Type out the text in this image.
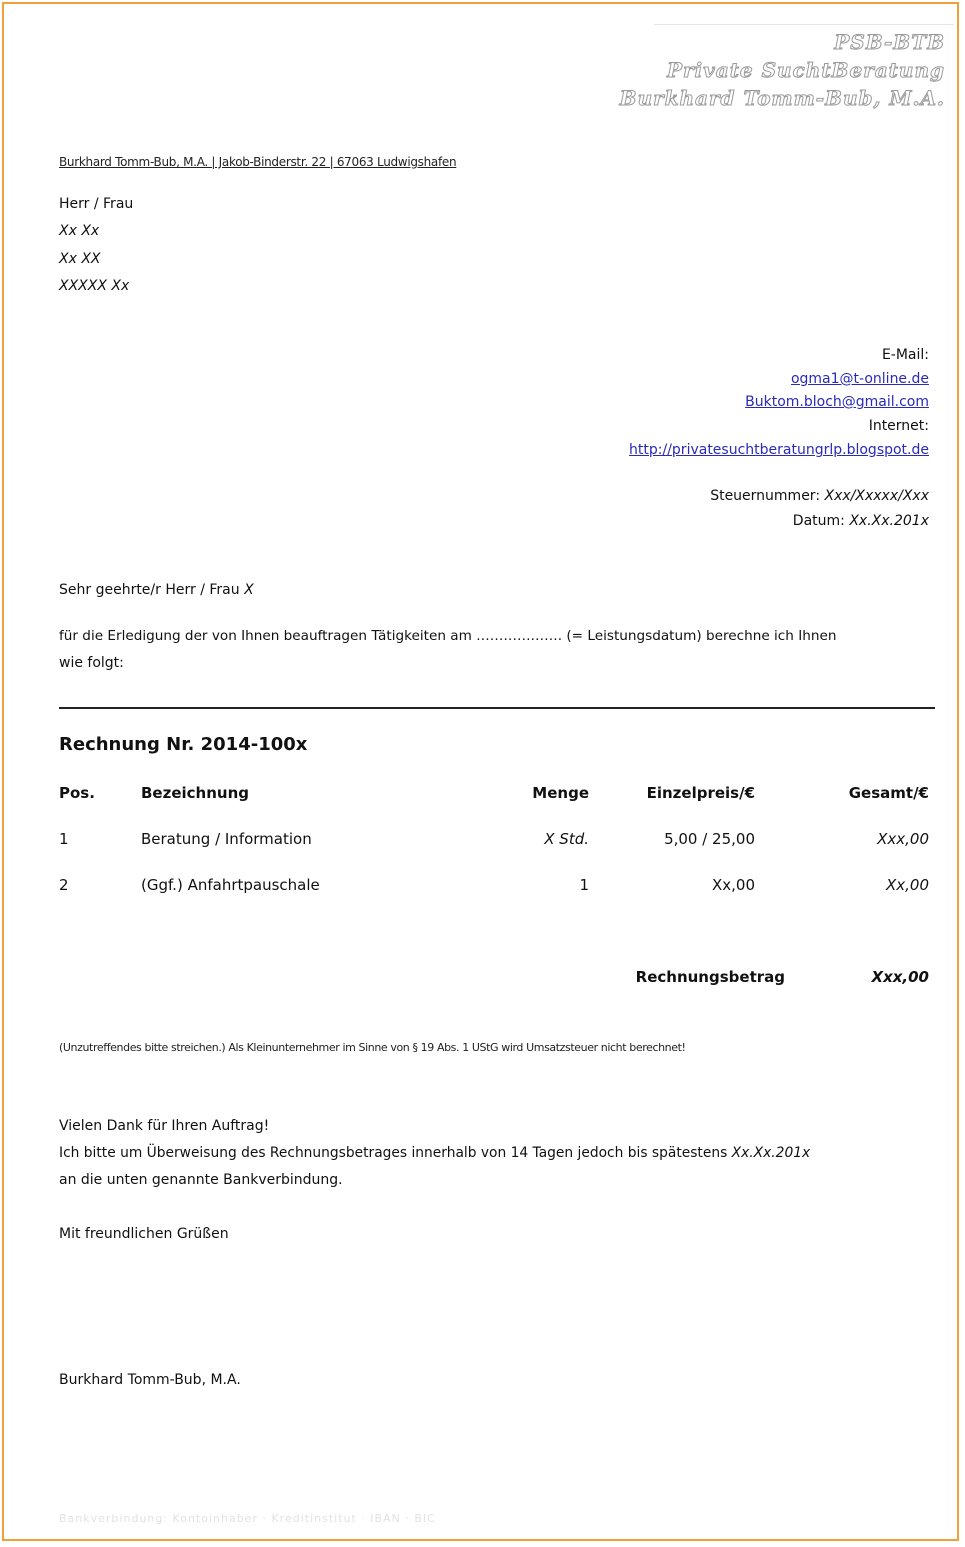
PSB-BTB
Private SuchtBeratung
Burkhard Tomm-Bub, M.A.
Burkhard Tomm-Bub, M.A. | Jakob-Binderstr. 22 | 67063 Ludwigshafen
Herr / Frau
Xx Xx
Xx XX
XXXXX Xx
E-Mail:
ogma1@t-online.de
Buktom.bloch@gmail.com
Internet:
http://privatesuchtberatungrlp.blogspot.de
Steuernummer: Xxx/Xxxxx/Xxx
Datum: Xx.Xx.201x
Sehr geehrte/r Herr / Frau X
für die Erledigung der von Ihnen beauftragen Tätigkeiten am ………………. (= Leistungsdatum) berechne ich Ihnen
wie folgt:
Rechnung Nr. 2014-100x
Pos.	Bezeichnung	Menge	Einzelpreis/€	Gesamt/€
1	Beratung / Information	X Std.	5,00 / 25,00	Xxx,00
2	(Ggf.) Anfahrtpauschale	1	Xx,00	Xx,00
Rechnungsbetrag	Xxx,00
(Unzutreffendes bitte streichen.) Als Kleinunternehmer im Sinne von § 19 Abs. 1 UStG wird Umsatzsteuer nicht berechnet!
Vielen Dank für Ihren Auftrag!
Ich bitte um Überweisung des Rechnungsbetrages innerhalb von 14 Tagen jedoch bis spätestens Xx.Xx.201x
an die unten genannte Bankverbindung.
Mit freundlichen Grüßen
Burkhard Tomm-Bub, M.A.
Bankverbindung: Kontoinhaber · Kreditinstitut · IBAN · BIC
